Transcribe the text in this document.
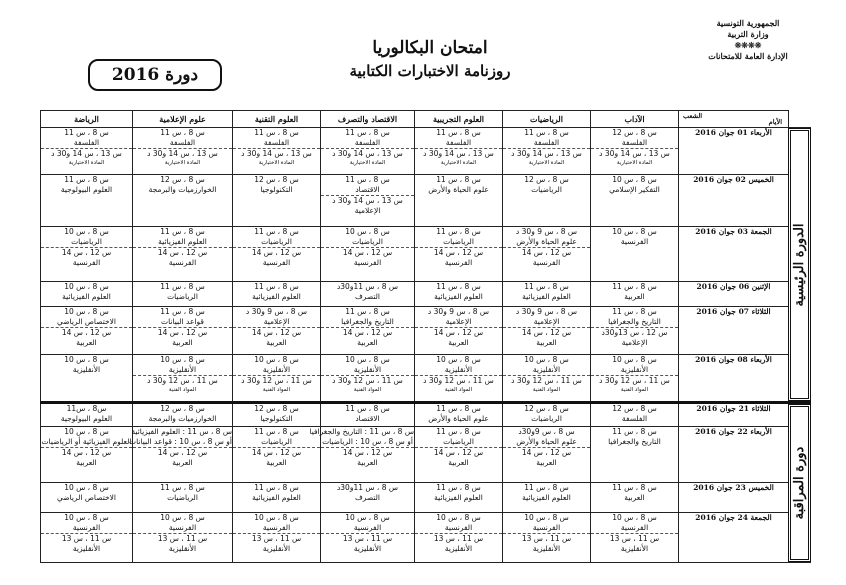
الجمهورية التونسية
وزارة التربية
❊❊❊❊
الإدارة العامة للامتحانات
امتحان البكالوريا
روزنامة الاختبارات الكتابية
دورة 2016

	الشعب
الأيام	الآداب	الرياضيات	العلوم التجريبية	الاقتصاد والتصرف	العلوم التقنية	علوم الإعلامية	الرياضة

الدورة الرئيسية	الأربعاء 01 جوان 2016	س 8 ، س 12
الفلسفة
س 13 ، س 14 و30 د
المادة الاختيارية	س 8 ، س 11
الفلسفة
س 13 ، س 14 و30 د
المادة الاختيارية	س 8 ، س 11
الفلسفة
س 13 ، س 14 و30 د
المادة الاختيارية	س 8 ، س 11
الفلسفة
س 13 ، س 14 و30 د
المادة الاختيارية	س 8 ، س 11
الفلسفة
س 13 ، س 14 و30 د
المادة الاختيارية	س 8 ، س 11
الفلسفة
س 13 ، س 14 و30 د
المادة الاختيارية	س 8 ، س 11
الفلسفة
س 13 ، س 14 و30 د
المادة الاختيارية

	الخميس 02 جوان 2016	س 8 ، س 10
التفكير الإسلامي	س 8 ، س 12
الرياضيات	س 8 ، س 11
علوم الحياة والأرض	س 8 ، س 11
الاقتصاد
س 13 ، س 14 و30 د
الإعلامية	س 8 ، س 12
التكنولوجيا	س 8 ، س 12
الخوارزميات والبرمجة	س 8 ، س 11
العلوم البيولوجية

	الجمعة 03 جوان 2016	س 8 ، س 10
الفرنسية	س 8 ، س 9 و30 د
علوم الحياة والأرض
س 12 ، س 14
الفرنسية	س 8 ، س 11
الرياضيات
س 12 ، س 14
الفرنسية	س 8 ، س 10
الرياضيات
س 12 ، س 14
الفرنسية	س 8 ، س 11
الرياضيات
س 12 ، س 14
الفرنسية	س 8 ، س 11
العلوم الفيزيائية
س 12 ، س 14
الفرنسية	س 8 ، س 10
الرياضيات
س 12 ، س 14
الفرنسية

	الإثنين 06 جوان 2016	س 8 ، س 11
العربية	س 8 ، س 11
العلوم الفيزيائية	س 8 ، س 11
العلوم الفيزيائية	س 8 ، س 11و30د
التصرف	س 8 ، س 11
العلوم الفيزيائية	س 8 ، س 11
الرياضيات	س 8 ، س 10
العلوم الفيزيائية

	الثلاثاء 07 جوان 2016	س 8 ، س 11
التاريخ والجغرافيا
س 12 ، س 13و30د
الإعلامية	س 8 ، س 9 و30 د
الإعلامية
س 12 ، س 14
العربية	س 8 ، س 9 و30 د
الإعلامية
س 12 ، س 14
العربية	س 8 ، س 11
التاريخ والجغرافيا
س 12 ، س 14
العربية	س 8 ، س 9 و30 د
الإعلامية
س 12 ، س 14
العربية	س 8 ، س 11
قواعد البيانات
س 12 ، س 14
العربية	س 8 ، س 10
الاختصاص الرياضي
س 12 ، س 14
العربية

	الأربعاء 08 جوان 2016	س 8 ، س 10
الأنقليزية
س 11 ، س 12 و30 د
المواد الفنية	س 8 ، س 10
الأنقليزية
س 11 ، س 12 و30 د
المواد الفنية	س 8 ، س 10
الأنقليزية
س 11 ، س 12 و30 د
المواد الفنية	س 8 ، س 10
الأنقليزية
س 11 ، س 12 و30 د
المواد الفنية	س 8 ، س 10
الأنقليزية
س 11 ، س 12 و30 د
المواد الفنية	س 8 ، س 10
الأنقليزية
س 11 ، س 12 و30 د
المواد الفنية	س 8 ، س 10
الأنقليزية

دورة المراقبة	الثلاثاء 21 جوان 2016	س 8 ، س 12
الفلسفة	س 8 ، س 12
الرياضيات	س 8 ، س 11
علوم الحياة والأرض	س 8 ، س 11
الاقتصاد	س 8 ، س 12
التكنولوجيا	س 8 ، س 12
الخوارزميات والبرمجة	س8 ، س11
العلوم البيولوجية

	الأربعاء 22 جوان 2016	س 8 ، س 11
التاريخ والجغرافيا	س 8 ، س 9و30د
علوم الحياة والأرض
س 12 ، س 14
العربية	س 8 ، س 11
الرياضيات
س 12 ، س 14
العربية	س 8 ، س 11 : التاريخ والجغرافيا
أو س 8 ، س 10 : الرياضيات
س 12 ، س 14
العربية	س 8 ، س 11
الرياضيات
س 12 ، س 14
العربية	س 8 ، س 11 : العلوم الفيزيائية
أو س 8 ، س 10 : قواعد البيانات
س 12 ، س 14
العربية	س 8 ، س 10
العلوم الفيزيائية أو الرياضيات
س 12 ، س 14
العربية

	الخميس 23 جوان 2016	س 8 ، س 11
العربية	س 8 ، س 11
العلوم الفيزيائية	س 8 ، س 11
العلوم الفيزيائية	س 8 ، س 11و30د
التصرف	س 8 ، س 11
العلوم الفيزيائية	س 8 ، س 11
الرياضيات	س 8 ، س 10
الاختصاص الرياضي

	الجمعة 24 جوان 2016	س 8 ، س 10
الفرنسية
س 11 ، س 13
الأنقليزية	س 8 ، س 10
الفرنسية
س 11 ، س 13
الأنقليزية	س 8 ، س 10
الفرنسية
س 11 ، س 13
الأنقليزية	س 8 ، س 10
الفرنسية
س 11 ، س 13
الأنقليزية	س 8 ، س 10
الفرنسية
س 11 ، س 13
الأنقليزية	س 8 ، س 10
الفرنسية
س 11 ، س 13
الأنقليزية	س 8 ، س 10
الفرنسية
س 11 ، س 13
الأنقليزية
